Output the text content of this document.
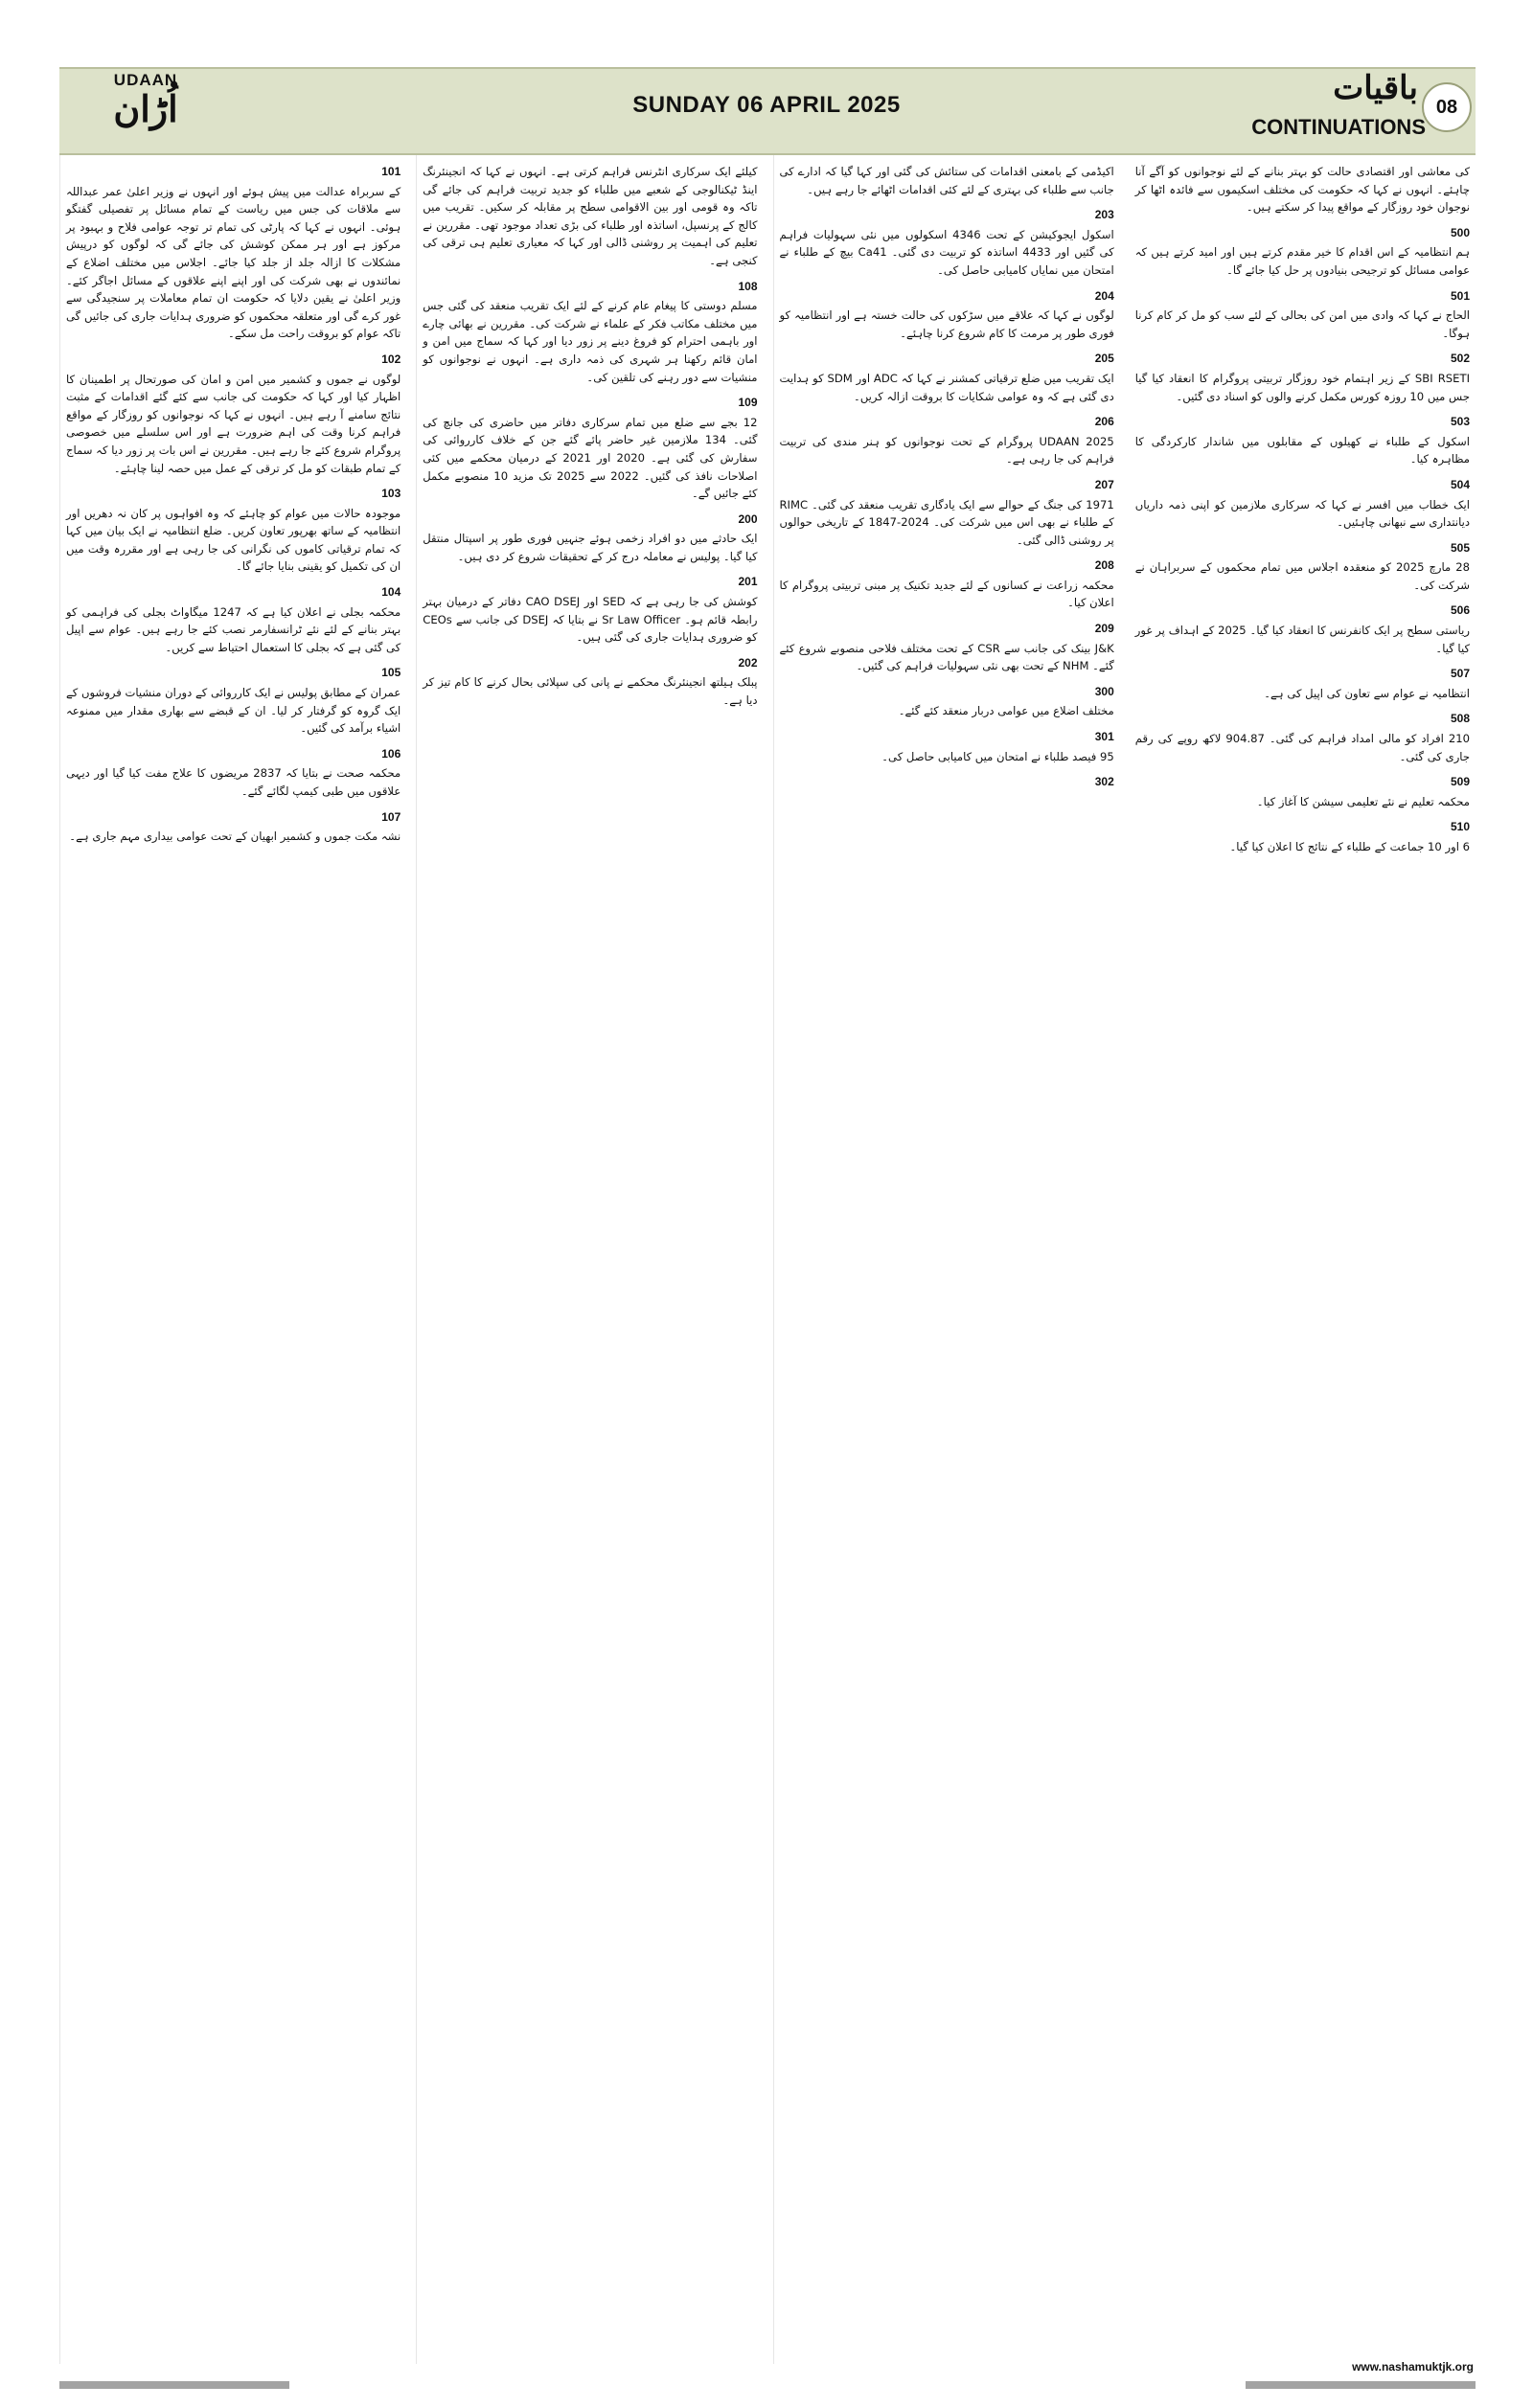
UDAAN
اُڑان	SUNDAY 06 APRIL 2025	باقیات
CONTINUATIONS
08
101

کے سربراہ عدالت میں پیش ہوئے اور انہوں نے وزیر اعلیٰ عمر عبداللہ سے ملاقات کی جس میں ریاست کے تمام مسائل پر تفصیلی گفتگو ہوئی۔ انہوں نے کہا کہ پارٹی کی تمام تر توجہ عوامی فلاح و بہبود پر مرکوز ہے اور ہر ممکن کوشش کی جائے گی کہ لوگوں کو درپیش مشکلات کا ازالہ جلد از جلد کیا جائے۔ اجلاس میں مختلف اضلاع کے نمائندوں نے بھی شرکت کی اور اپنے اپنے علاقوں کے مسائل اجاگر کئے۔ وزیر اعلیٰ نے یقین دلایا کہ حکومت ان تمام معاملات پر سنجیدگی سے غور کرے گی اور متعلقہ محکموں کو ضروری ہدایات جاری کی جائیں گی تاکہ عوام کو بروقت راحت مل سکے۔

102

لوگوں نے جموں و کشمیر میں امن و امان کی صورتحال پر اطمینان کا اظہار کیا اور کہا کہ حکومت کی جانب سے کئے گئے اقدامات کے مثبت نتائج سامنے آ رہے ہیں۔ انہوں نے کہا کہ نوجوانوں کو روزگار کے مواقع فراہم کرنا وقت کی اہم ضرورت ہے اور اس سلسلے میں خصوصی پروگرام شروع کئے جا رہے ہیں۔ مقررین نے اس بات پر زور دیا کہ سماج کے تمام طبقات کو مل کر ترقی کے عمل میں حصہ لینا چاہئے۔

103

موجودہ حالات میں عوام کو چاہئے کہ وہ افواہوں پر کان نہ دھریں اور انتظامیہ کے ساتھ بھرپور تعاون کریں۔ ضلع انتظامیہ نے ایک بیان میں کہا کہ تمام ترقیاتی کاموں کی نگرانی کی جا رہی ہے اور مقررہ وقت میں ان کی تکمیل کو یقینی بنایا جائے گا۔

104

محکمہ بجلی نے اعلان کیا ہے کہ 1247 میگاواٹ بجلی کی فراہمی کو بہتر بنانے کے لئے نئے ٹرانسفارمر نصب کئے جا رہے ہیں۔ عوام سے اپیل کی گئی ہے کہ بجلی کا استعمال احتیاط سے کریں۔

105

عمران کے مطابق پولیس نے ایک کارروائی کے دوران منشیات فروشوں کے ایک گروہ کو گرفتار کر لیا۔ ان کے قبضے سے بھاری مقدار میں ممنوعہ اشیاء برآمد کی گئیں۔

106

محکمہ صحت نے بتایا کہ 2837 مریضوں کا علاج مفت کیا گیا اور دیہی علاقوں میں طبی کیمپ لگائے گئے۔

107

نشہ مکت جموں و کشمیر ابھیان کے تحت عوامی بیداری مہم جاری ہے۔

کیلئے ایک سرکاری انٹرنس فراہم کرتی ہے۔ انہوں نے کہا کہ انجینئرنگ اینڈ ٹیکنالوجی کے شعبے میں طلباء کو جدید تربیت فراہم کی جائے گی تاکہ وہ قومی اور بین الاقوامی سطح پر مقابلہ کر سکیں۔ تقریب میں کالج کے پرنسپل، اساتذہ اور طلباء کی بڑی تعداد موجود تھی۔ مقررین نے تعلیم کی اہمیت پر روشنی ڈالی اور کہا کہ معیاری تعلیم ہی ترقی کی کنجی ہے۔

108

مسلم دوستی کا پیغام عام کرنے کے لئے ایک تقریب منعقد کی گئی جس میں مختلف مکاتب فکر کے علماء نے شرکت کی۔ مقررین نے بھائی چارے اور باہمی احترام کو فروغ دینے پر زور دیا اور کہا کہ سماج میں امن و امان قائم رکھنا ہر شہری کی ذمہ داری ہے۔ انہوں نے نوجوانوں کو منشیات سے دور رہنے کی تلقین کی۔

109

12 بجے سے ضلع میں تمام سرکاری دفاتر میں حاضری کی جانچ کی گئی۔ 134 ملازمین غیر حاضر پائے گئے جن کے خلاف کارروائی کی سفارش کی گئی ہے۔ 2020 اور 2021 کے درمیان محکمے میں کئی اصلاحات نافذ کی گئیں۔ 2022 سے 2025 تک مزید 10 منصوبے مکمل کئے جائیں گے۔

200

ایک حادثے میں دو افراد زخمی ہوئے جنہیں فوری طور پر اسپتال منتقل کیا گیا۔ پولیس نے معاملہ درج کر کے تحقیقات شروع کر دی ہیں۔

201

کوشش کی جا رہی ہے کہ SED اور CAO DSEJ دفاتر کے درمیان بہتر رابطہ قائم ہو۔ Sr Law Officer نے بتایا کہ DSEJ کی جانب سے CEOs کو ضروری ہدایات جاری کی گئی ہیں۔

202

پبلک ہیلتھ انجینئرنگ محکمے نے پانی کی سپلائی بحال کرنے کا کام تیز کر دیا ہے۔

اکیڈمی کے بامعنی اقدامات کی ستائش کی گئی اور کہا گیا کہ ادارے کی جانب سے طلباء کی بہتری کے لئے کئی اقدامات اٹھائے جا رہے ہیں۔

203

اسکول ایجوکیشن کے تحت 4346 اسکولوں میں نئی سہولیات فراہم کی گئیں اور 4433 اساتذہ کو تربیت دی گئی۔ Ca41 بیچ کے طلباء نے امتحان میں نمایاں کامیابی حاصل کی۔

204

لوگوں نے کہا کہ علاقے میں سڑکوں کی حالت خستہ ہے اور انتظامیہ کو فوری طور پر مرمت کا کام شروع کرنا چاہئے۔

205

ایک تقریب میں ضلع ترقیاتی کمشنر نے کہا کہ ADC اور SDM کو ہدایت دی گئی ہے کہ وہ عوامی شکایات کا بروقت ازالہ کریں۔

206

UDAAN 2025 پروگرام کے تحت نوجوانوں کو ہنر مندی کی تربیت فراہم کی جا رہی ہے۔

207

1971 کی جنگ کے حوالے سے ایک یادگاری تقریب منعقد کی گئی۔ RIMC کے طلباء نے بھی اس میں شرکت کی۔ 2024-1847 کے تاریخی حوالوں پر روشنی ڈالی گئی۔

208

محکمہ زراعت نے کسانوں کے لئے جدید تکنیک پر مبنی تربیتی پروگرام کا اعلان کیا۔

209

J&K بینک کی جانب سے CSR کے تحت مختلف فلاحی منصوبے شروع کئے گئے۔ NHM کے تحت بھی نئی سہولیات فراہم کی گئیں۔

300

مختلف اضلاع میں عوامی دربار منعقد کئے گئے۔

301

95 فیصد طلباء نے امتحان میں کامیابی حاصل کی۔

302

کی معاشی اور اقتصادی حالت کو بہتر بنانے کے لئے نوجوانوں کو آگے آنا چاہئے۔ انہوں نے کہا کہ حکومت کی مختلف اسکیموں سے فائدہ اٹھا کر نوجوان خود روزگار کے مواقع پیدا کر سکتے ہیں۔

500

ہم انتظامیہ کے اس اقدام کا خیر مقدم کرتے ہیں اور امید کرتے ہیں کہ عوامی مسائل کو ترجیحی بنیادوں پر حل کیا جائے گا۔

501

الحاج نے کہا کہ وادی میں امن کی بحالی کے لئے سب کو مل کر کام کرنا ہوگا۔

502

SBI RSETI کے زیر اہتمام خود روزگار تربیتی پروگرام کا انعقاد کیا گیا جس میں 10 روزہ کورس مکمل کرنے والوں کو اسناد دی گئیں۔

503

اسکول کے طلباء نے کھیلوں کے مقابلوں میں شاندار کارکردگی کا مظاہرہ کیا۔

504

ایک خطاب میں افسر نے کہا کہ سرکاری ملازمین کو اپنی ذمہ داریاں دیانتداری سے نبھانی چاہئیں۔

505

28 مارچ 2025 کو منعقدہ اجلاس میں تمام محکموں کے سربراہان نے شرکت کی۔

506

ریاستی سطح پر ایک کانفرنس کا انعقاد کیا گیا۔ 2025 کے اہداف پر غور کیا گیا۔

507

انتظامیہ نے عوام سے تعاون کی اپیل کی ہے۔

508

210 افراد کو مالی امداد فراہم کی گئی۔ 904.87 لاکھ روپے کی رقم جاری کی گئی۔

509

محکمہ تعلیم نے نئے تعلیمی سیشن کا آغاز کیا۔

510

6 اور 10 جماعت کے طلباء کے نتائج کا اعلان کیا گیا۔

www.nashamuktjk.org
